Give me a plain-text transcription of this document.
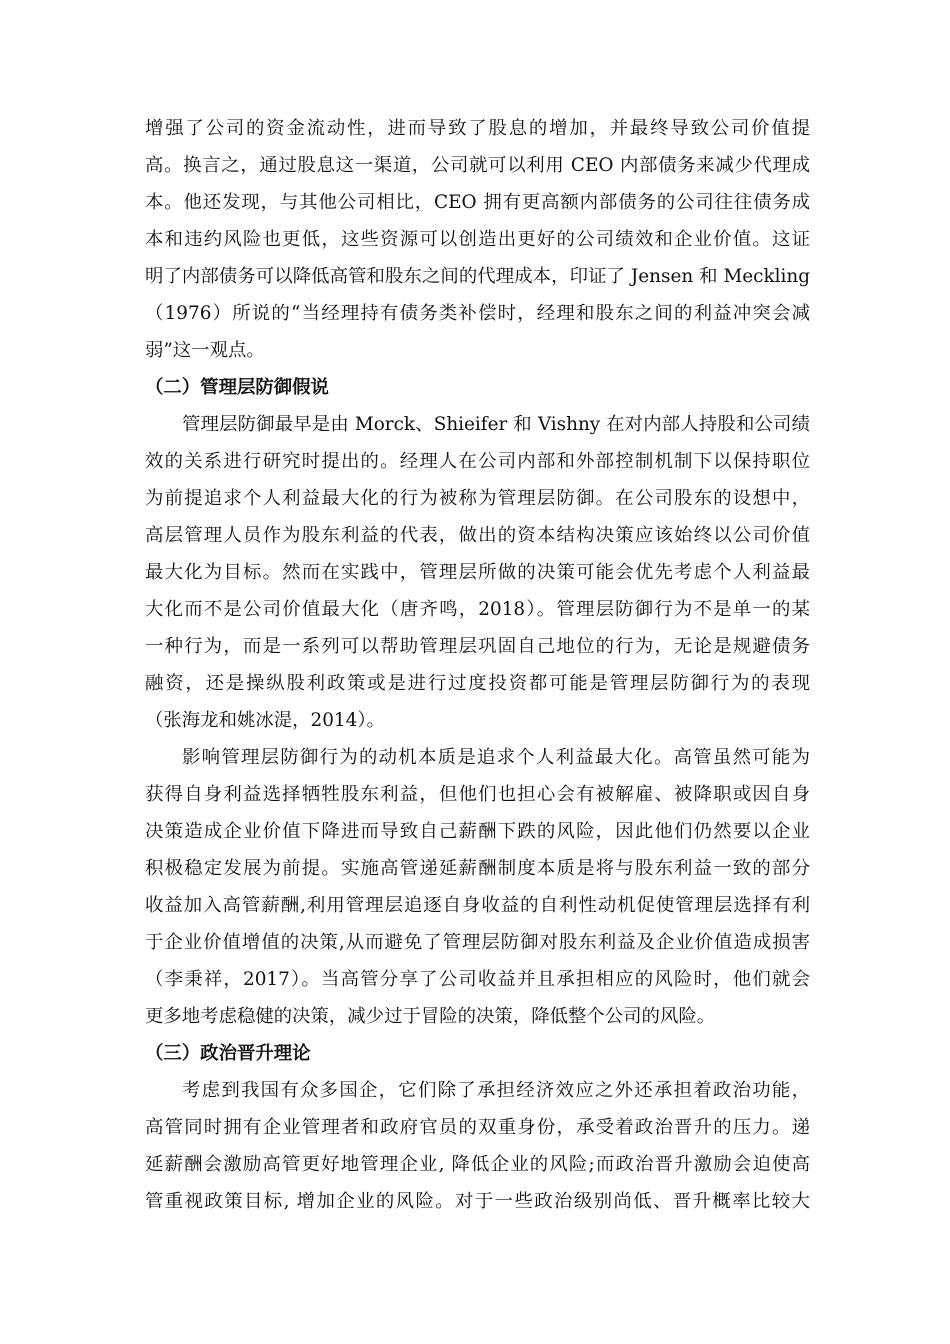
增强了公司的资金流动性，进而导致了股息的增加，并最终导致公司价值提
高。换言之，通过股息这一渠道，公司就可以利用 CEO 内部债务来减少代理成
本。他还发现，与其他公司相比，CEO 拥有更高额内部债务的公司往往债务成
本和违约风险也更低，这些资源可以创造出更好的公司绩效和企业价值。这证
明了内部债务可以降低高管和股东之间的代理成本，印证了 Jensen 和 Meckling
（1976）所说的“当经理持有债务类补偿时，经理和股东之间的利益冲突会减
弱”这一观点。
（二）管理层防御假说
管理层防御最早是由 Morck、Shieifer 和 Vishny 在对内部人持股和公司绩
效的关系进行研究时提出的。经理人在公司内部和外部控制机制下以保持职位
为前提追求个人利益最大化的行为被称为管理层防御。在公司股东的设想中，
高层管理人员作为股东利益的代表，做出的资本结构决策应该始终以公司价值
最大化为目标。然而在实践中，管理层所做的决策可能会优先考虑个人利益最
大化而不是公司价值最大化（唐齐鸣，2018）。管理层防御行为不是单一的某
一种行为，而是一系列可以帮助管理层巩固自己地位的行为，无论是规避债务
融资，还是操纵股利政策或是进行过度投资都可能是管理层防御行为的表现
（张海龙和姚冰湜，2014）。
影响管理层防御行为的动机本质是追求个人利益最大化。高管虽然可能为
获得自身利益选择牺牲股东利益，但他们也担心会有被解雇、被降职或因自身
决策造成企业价值下降进而导致自己薪酬下跌的风险，因此他们仍然要以企业
积极稳定发展为前提。实施高管递延薪酬制度本质是将与股东利益一致的部分
收益加入高管薪酬,利用管理层追逐自身收益的自利性动机促使管理层选择有利
于企业价值增值的决策,从而避免了管理层防御对股东利益及企业价值造成损害
（李秉祥，2017）。当高管分享了公司收益并且承担相应的风险时，他们就会
更多地考虑稳健的决策，减少过于冒险的决策，降低整个公司的风险。
（三）政治晋升理论
考虑到我国有众多国企，它们除了承担经济效应之外还承担着政治功能，
高管同时拥有企业管理者和政府官员的双重身份，承受着政治晋升的压力。递
延薪酬会激励高管更好地管理企业, 降低企业的风险;而政治晋升激励会迫使高
管重视政策目标, 增加企业的风险。对于一些政治级别尚低、晋升概率比较大
